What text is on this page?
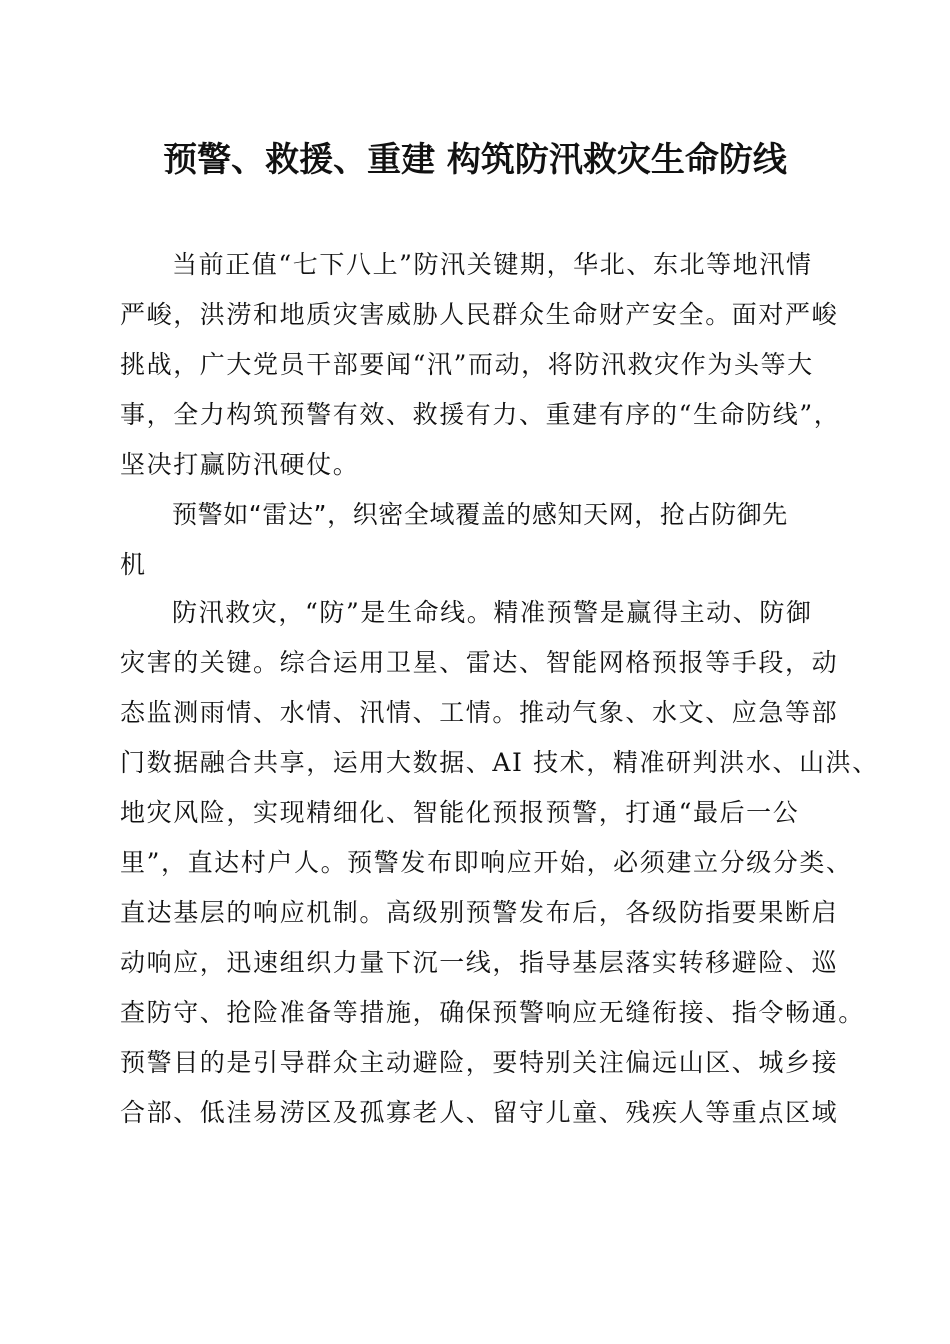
预警、救援、重建 构筑防汛救灾生命防线
当前正值“七下八上”防汛关键期，华北、东北等地汛情
严峻，洪涝和地质灾害威胁人民群众生命财产安全。面对严峻
挑战，广大党员干部要闻“汛”而动，将防汛救灾作为头等大
事，全力构筑预警有效、救援有力、重建有序的“生命防线”，
坚决打赢防汛硬仗。
预警如“雷达”，织密全域覆盖的感知天网，抢占防御先
机
防汛救灾，“防”是生命线。精准预警是赢得主动、防御
灾害的关键。综合运用卫星、雷达、智能网格预报等手段，动
态监测雨情、水情、汛情、工情。推动气象、水文、应急等部
门数据融合共享，运用大数据、AI 技术，精准研判洪水、山洪、
地灾风险，实现精细化、智能化预报预警，打通“最后一公
里”，直达村户人。预警发布即响应开始，必须建立分级分类、
直达基层的响应机制。高级别预警发布后，各级防指要果断启
动响应，迅速组织力量下沉一线，指导基层落实转移避险、巡
查防守、抢险准备等措施，确保预警响应无缝衔接、指令畅通。
预警目的是引导群众主动避险，要特别关注偏远山区、城乡接
合部、低洼易涝区及孤寡老人、留守儿童、残疾人等重点区域
